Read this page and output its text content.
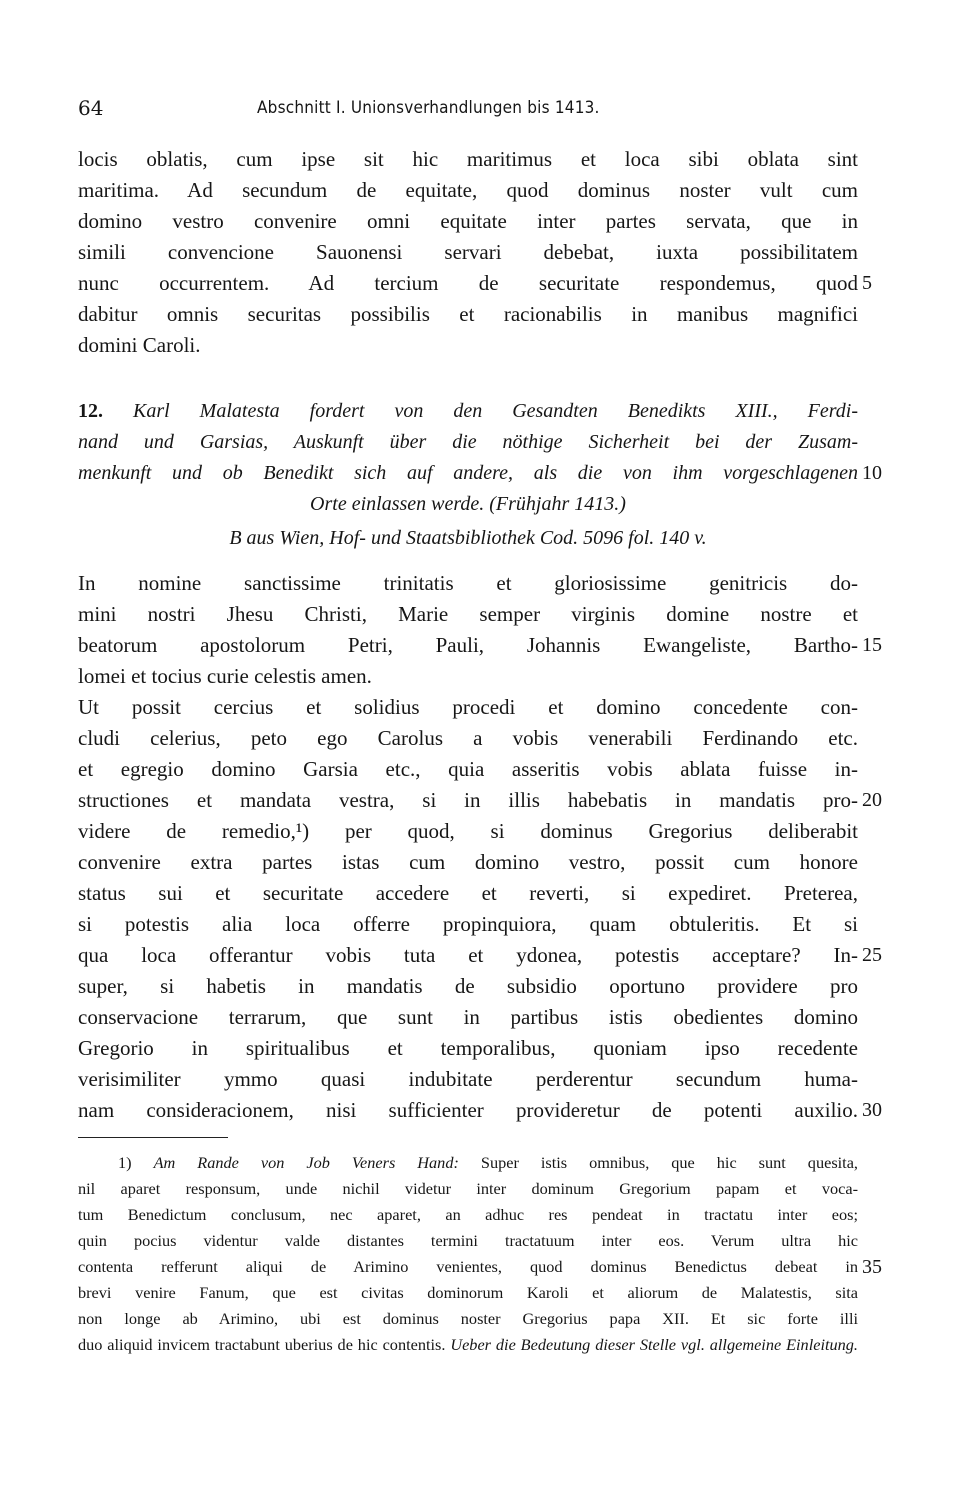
64	Abschnitt I. Unionsverhandlungen bis 1413.
locis oblatis, cum ipse sit hic maritimus et loca sibi oblata sint
maritima. Ad secundum de equitate, quod dominus noster vult cum
domino vestro convenire omni equitate inter partes servata, que in
simili convencione Sauonensi servari debebat, iuxta possibilitatem
nunc occurrentem. Ad tercium de securitate respondemus, quod
dabitur omnis securitas possibilis et racionabilis in manibus magnifici
domini Caroli.
5
12. Karl Malatesta fordert von den Gesandten Benedikts XIII., Ferdi-
nand und Garsias, Auskunft über die nöthige Sicherheit bei der Zusam-
menkunft und ob Benedikt sich auf andere, als die von ihm vorgeschlagenen
Orte einlassen werde. (Frühjahr 1413.)
B aus Wien, Hof- und Staatsbibliothek Cod. 5096 fol. 140 v.
10
In nomine sanctissime trinitatis et gloriosissime genitricis do-
mini nostri Jhesu Christi, Marie semper virginis domine nostre et
beatorum apostolorum Petri, Pauli, Johannis Ewangeliste, Bartho-
lomei et tocius curie celestis amen.
Ut possit cercius et solidius procedi et domino concedente con-
cludi celerius, peto ego Carolus a vobis venerabili Ferdinando etc.
et egregio domino Garsia etc., quia asseritis vobis ablata fuisse in-
structiones et mandata vestra, si in illis habebatis in mandatis pro-
videre de remedio,¹) per quod, si dominus Gregorius deliberabit
convenire extra partes istas cum domino vestro, possit cum honore
status sui et securitate accedere et reverti, si expediret. Preterea,
si potestis alia loca offerre propinquiora, quam obtuleritis. Et si
qua loca offerantur vobis tuta et ydonea, potestis acceptare? In-
super, si habetis in mandatis de subsidio oportuno providere pro
conservacione terrarum, que sunt in partibus istis obedientes domino
Gregorio in spiritualibus et temporalibus, quoniam ipso recedente
verisimiliter ymmo quasi indubitate perderentur secundum huma-
nam consideracionem, nisi sufficienter provideretur de potenti auxilio.
15
20
25
30
1) Am Rande von Job Veners Hand: Super istis omnibus, que hic sunt quesita,
nil aparet responsum, unde nichil videtur inter dominum Gregorium papam et voca-
tum Benedictum conclusum, nec aparet, an adhuc res pendeat in tractatu inter eos;
quin pocius videntur valde distantes termini tractatuum inter eos. Verum ultra hic
contenta refferunt aliqui de Arimino venientes, quod dominus Benedictus debeat in
brevi venire Fanum, que est civitas dominorum Karoli et aliorum de Malatestis, sita
non longe ab Arimino, ubi est dominus noster Gregorius papa XII. Et sic forte illi
duo aliquid invicem tractabunt uberius de hic contentis. Ueber die Bedeutung dieser Stelle vgl. allgemeine Einleitung.
35
